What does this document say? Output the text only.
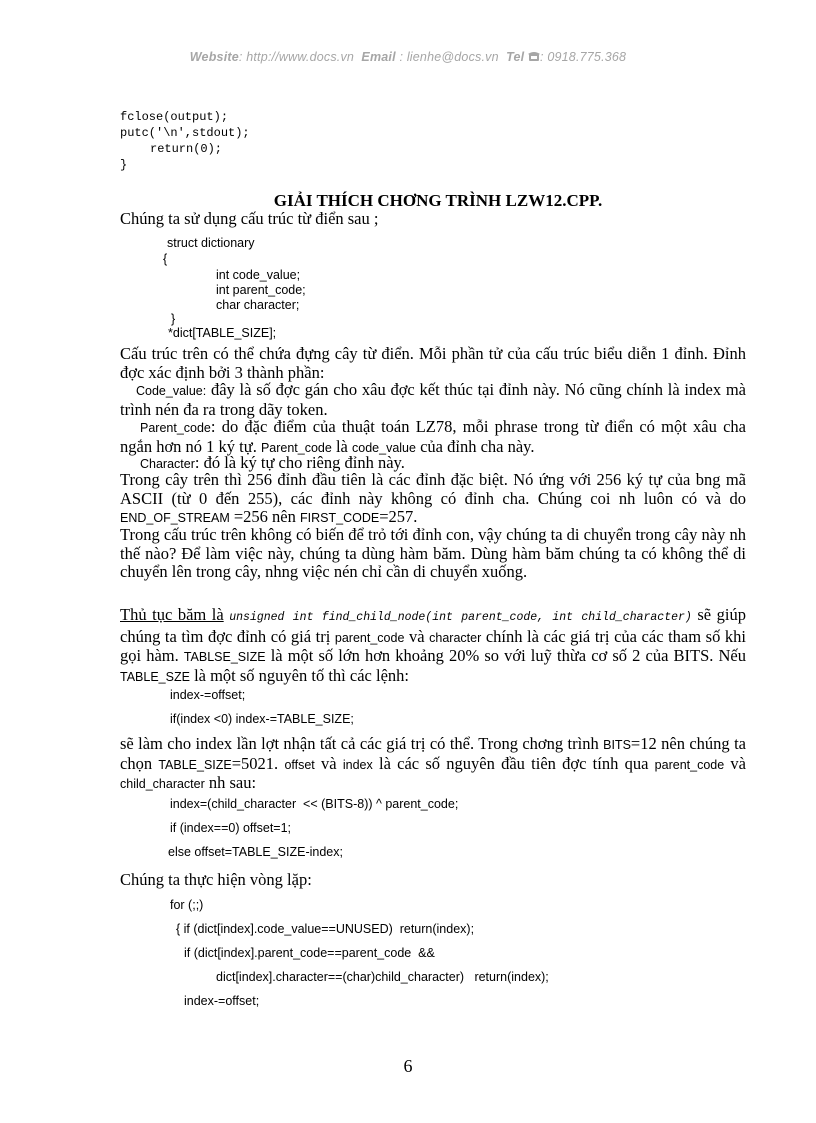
Website: http://www.docs.vn Email : lienhe@docs.vn Tel : 0918.775.368
fclose(output);
putc('\n',stdout);
return(0);
}
GIẢI THÍCH CHƠNG TRÌNH LZW12.CPP.
Chúng ta sử dụng cấu trúc từ điển sau ;
struct dictionary
{
int code_value;
int parent_code;
char character;
}
*dict[TABLE_SIZE];
Cấu trúc trên có thể chứa đựng cây từ điển. Mỗi phần tử của cấu trúc biểu diễn 1 đỉnh. Đỉnh đợc xác định bởi 3 thành phần:
Code_value: đây là số đợc gán cho xâu đợc kết thúc tại đỉnh này. Nó cũng chính là index mà trình nén đa ra trong dãy token.
Parent_code: do đặc điểm của thuật toán LZ78, mỗi phrase trong từ điển có một xâu cha ngắn hơn nó 1 ký tự. Parent_code là code_value của đỉnh cha này.
Character: đó là ký tự cho riêng đỉnh này.
Trong cây trên thì 256 đỉnh đầu tiên là các đỉnh đặc biệt. Nó ứng với 256 ký tự của bng mã ASCII (từ 0 đến 255), các đỉnh này không có đỉnh cha. Chúng coi nh luôn có và do END_OF_STREAM =256 nên FIRST_CODE=257.
Trong cấu trúc trên không có biến để trỏ tới đỉnh con, vậy chúng ta di chuyển trong cây này nh thế nào? Để làm việc này, chúng ta dùng hàm băm. Dùng hàm băm chúng ta có không thể di chuyển lên trong cây, nhng việc nén chỉ cần di chuyển xuống.
Thủ tục băm là unsigned int find_child_node(int parent_code, int child_character) sẽ giúp chúng ta tìm đợc đỉnh có giá trị parent_code và character chính là các giá trị của các tham số khi gọi hàm. TABLSE_SIZE là một số lớn hơn khoảng 20% so với luỹ thừa cơ số 2 của BITS. Nếu TABLE_SZE là một số nguyên tố thì các lệnh:
index-=offset;
if(index <0) index-=TABLE_SIZE;
sẽ làm cho index lần lợt nhận tất cả các giá trị có thể. Trong chơng trình BITS=12 nên chúng ta chọn TABLE_SIZE=5021. offset và index là các số nguyên đầu tiên đợc tính qua parent_code và child_character nh sau:
index=(child_character  << (BITS-8)) ^ parent_code;
if (index==0) offset=1;
else offset=TABLE_SIZE-index;
Chúng ta thực hiện vòng lặp:
for (;;)
{ if (dict[index].code_value==UNUSED)  return(index);
if (dict[index].parent_code==parent_code  &&
dict[index].character==(char)child_character)   return(index);
index-=offset;
6
